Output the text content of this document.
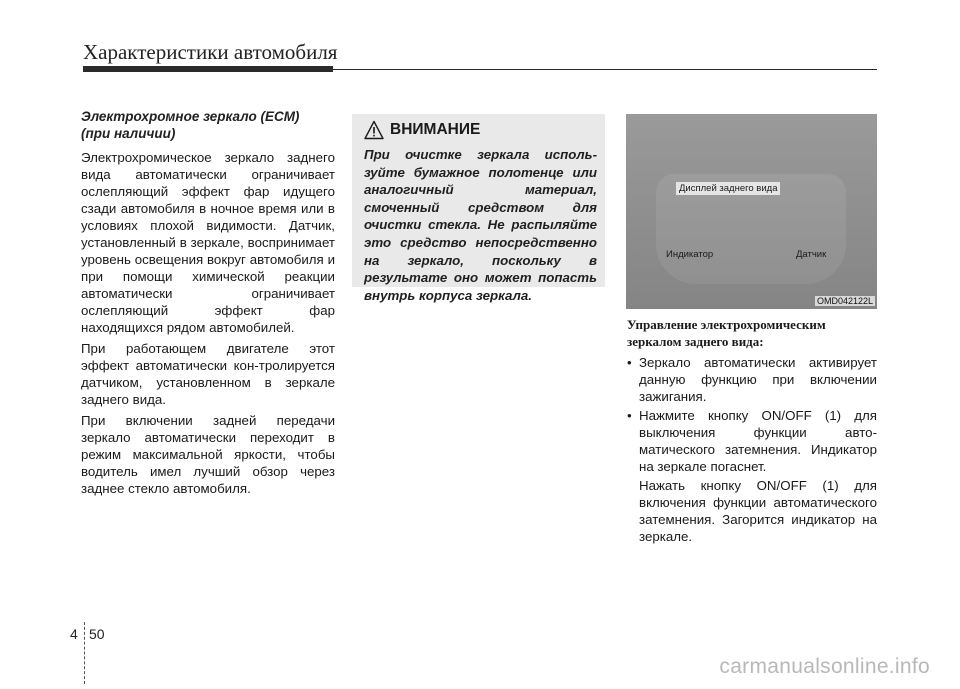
Характеристики автомобиля
Электрохромное зеркало (ECM)
(при наличии)

Электрохромическое зеркало заднего вида автоматически ограничивает ослепляющий эффект фар идущего сзади автомобиля в ночное время или в условиях плохой видимости. Датчик, установленный в зеркале, воспринимает уровень освещения вокруг автомобиля и при помощи химической реакции автоматически ограничивает ослепляющий эффект фар находящихся рядом автомобилей.

При работающем двигателе этот эффект автоматически кон-тролируется датчиком, установленном в зеркале заднего вида.

При включении задней передачи зеркало автоматически переходит в режим максимальной яркости, чтобы водитель имел лучший обзор через заднее стекло автомобиля.

ВНИМАНИЕ
При очистке зеркала исполь-зуйте бумажное полотенце или аналогичный материал, смоченный средством для очистки стекла. Не распыляйте это средство непосредственно на зеркало, поскольку в результате оно может попасть внутрь корпуса зеркала.
Дисплей заднего вида
Индикатор	Датчик
OMD042122L
Управление электрохромическим
зеркалом заднего вида:
• Зеркало автоматически активирует данную функцию при включении зажигания.
• Нажмите кнопку ON/OFF (1) для выключения функции авто-матического затемнения. Индикатор на зеркале погаснет.
Нажать кнопку ON/OFF (1) для включения функции автоматического затемнения. Загорится индикатор на зеркале.
4 50
carmanualsonline.info
